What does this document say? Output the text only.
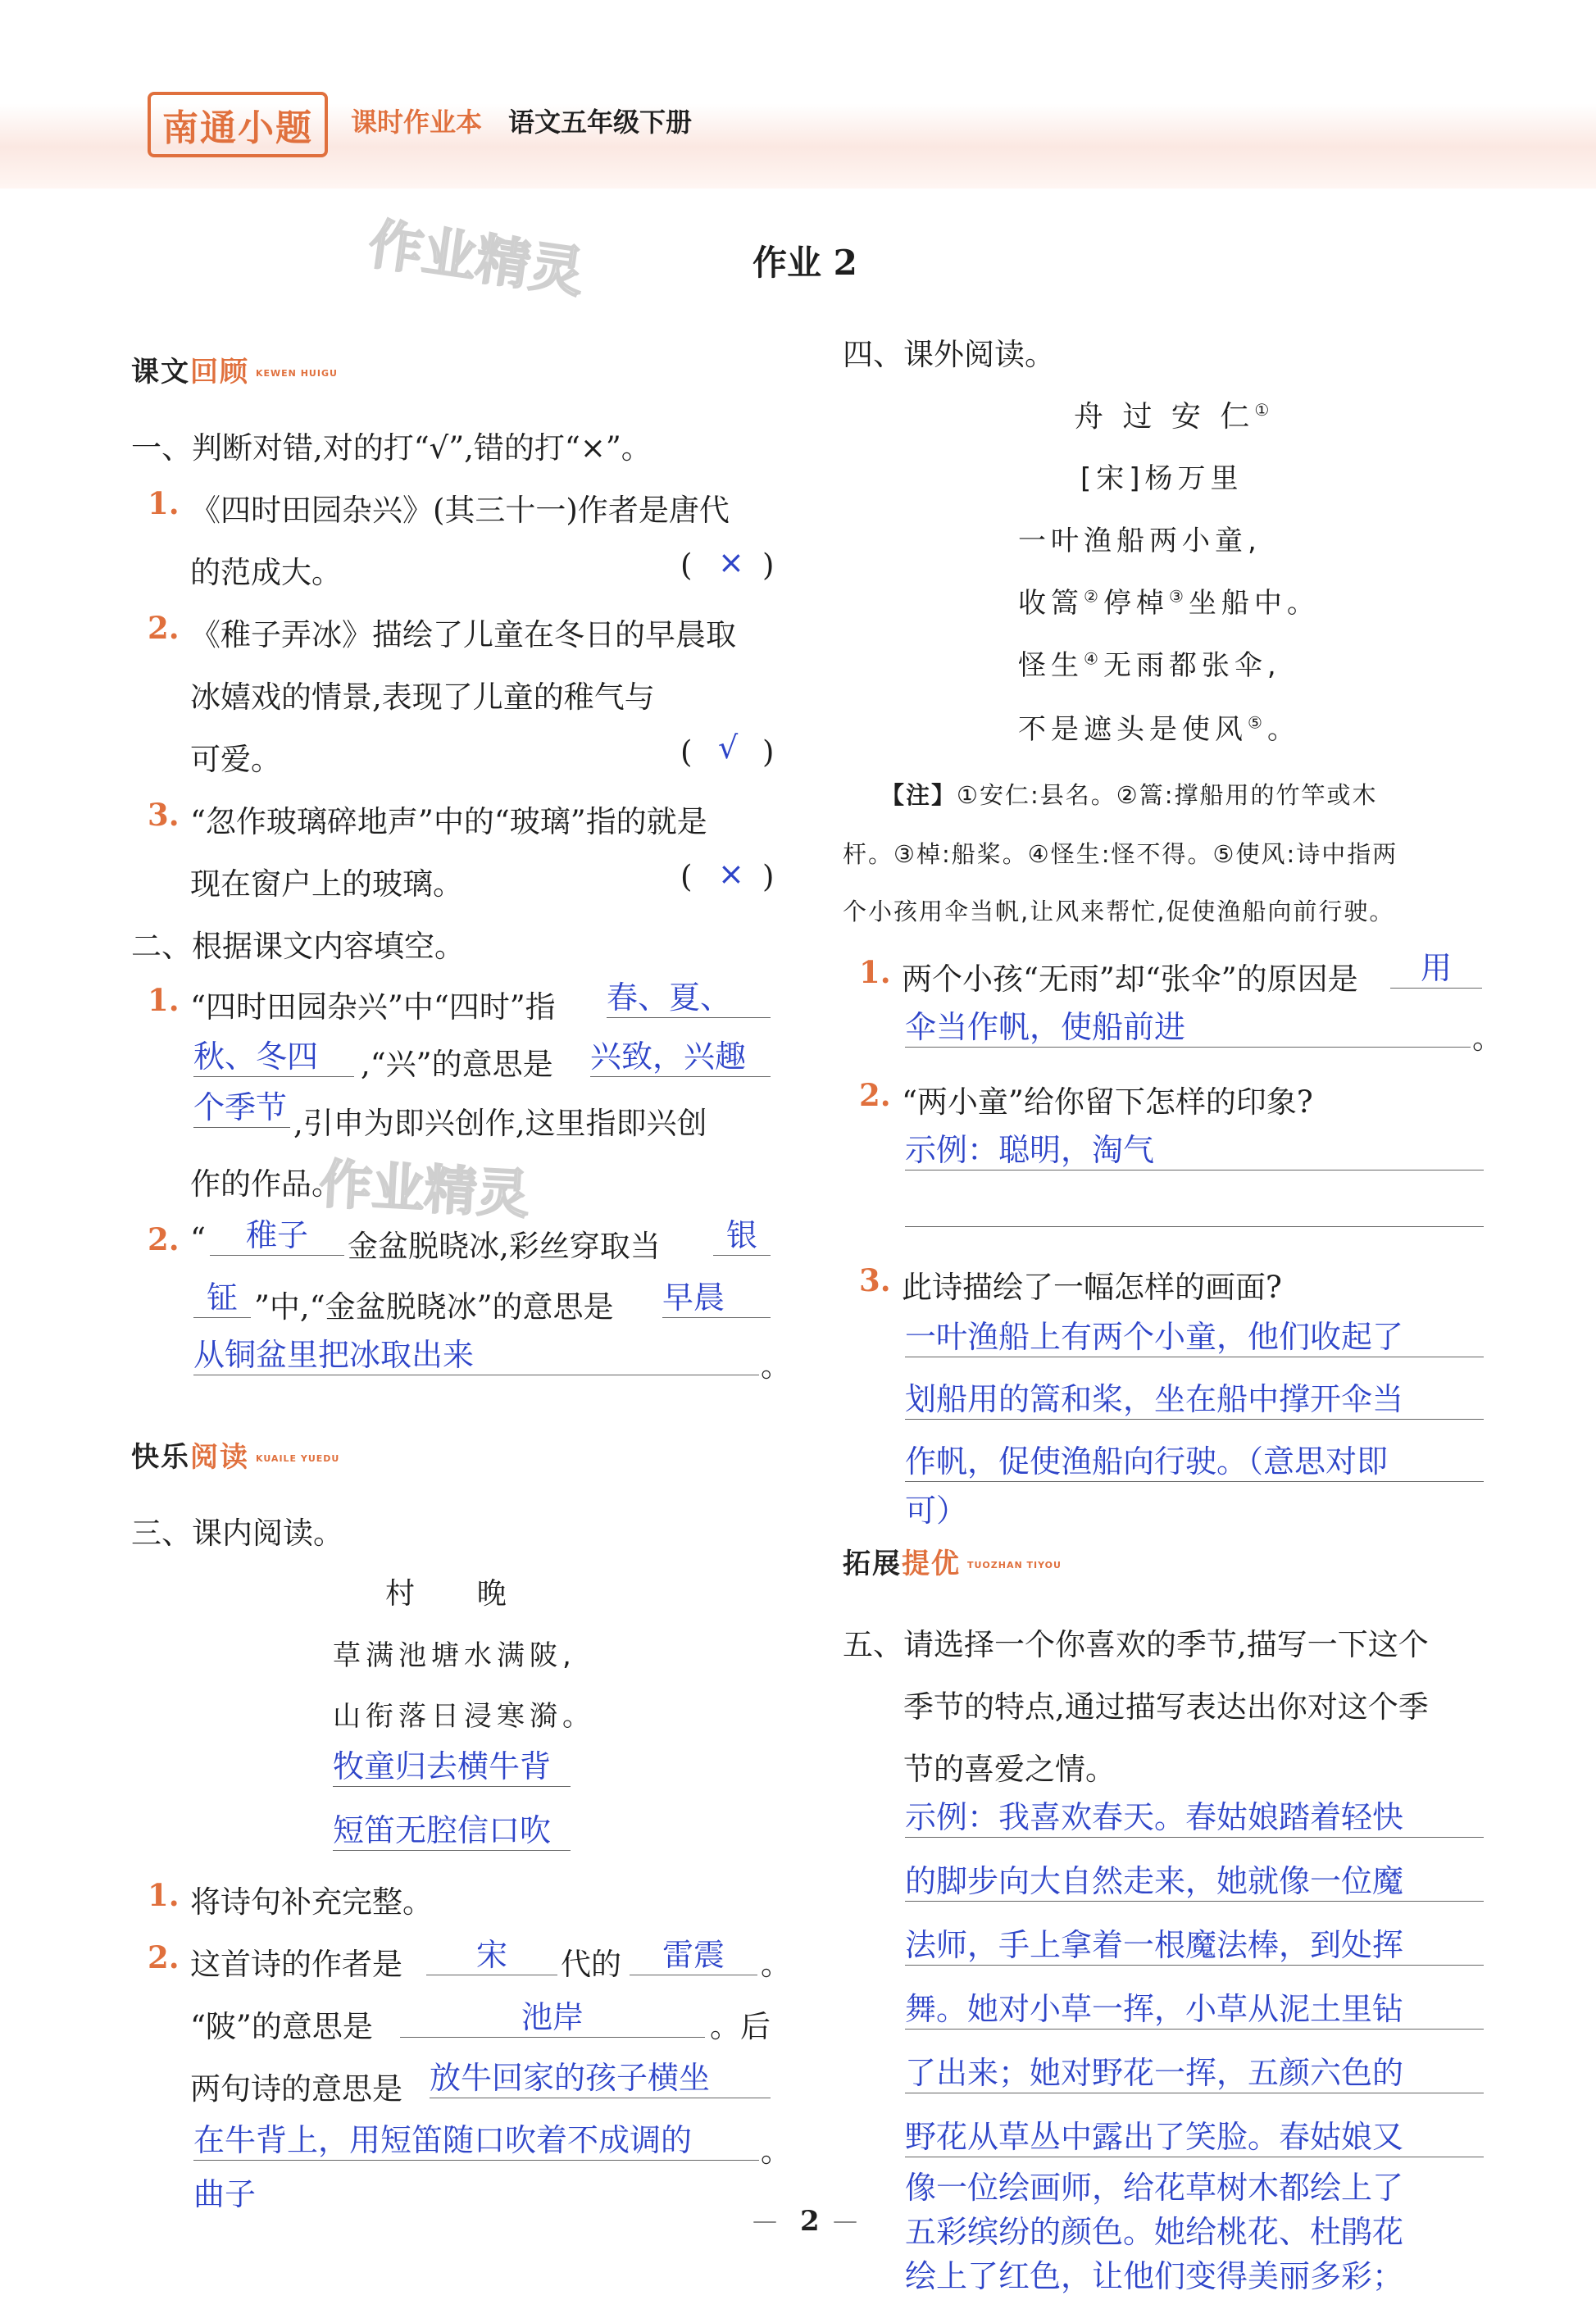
南通小题	课时作业本 语文五年级下册
作业精灵	作业 2
课文回顾 KEWEN HUIGU
一、判断对错,对的打“√”,错的打“×”。
1. 《四时田园杂兴》(其三十一)作者是唐代
的范成大。	( × )
2. 《稚子弄冰》描绘了儿童在冬日的早晨取
冰嬉戏的情景,表现了儿童的稚气与
可爱。	( √ )
3. “忽作玻璃碎地声”中的“玻璃”指的就是
现在窗户上的玻璃。	( × )
二、根据课文内容填空。
1. “四时田园杂兴”中“四时”指 春、夏、
秋、冬四	,“兴”的意思是 兴致，兴趣
个季节 ,引申为即兴创作,这里指即兴创
作的作品。
作业精灵
2. “	稚子	金盆脱晓冰,彩丝穿取当	银
钲 ”中,“金盆脱晓冰”的意思是 早晨
从铜盆里把冰取出来	。
快乐阅读 KUAILE YUEDU
三、课内阅读。
村    晚
草满池塘水满陂,
山衔落日浸寒漪。
牧童归去横牛背
短笛无腔信口吹
1. 将诗句补充完整。
2. 这首诗的作者是	宋	代的	雷震	。
“陂”的意思是	池岸	。后
两句诗的意思是 放牛回家的孩子横坐
在牛背上，用短笛随口吹着不成调的	。
曲子
四、课外阅读。
舟 过 安 仁①
[宋]杨万里
一叶渔船两小童,
收篙②停棹③坐船中。
怪生④无雨都张伞,
不是遮头是使风⑤。
【注】①安仁:县名。②篙:撑船用的竹竿或木
杆。③棹:船桨。④怪生:怪不得。⑤使风:诗中指两
个小孩用伞当帆,让风来帮忙,促使渔船向前行驶。
1. 两个小孩“无雨”却“张伞”的原因是	用
伞当作帆，使船前进	。
2. “两小童”给你留下怎样的印象?
示例：聪明，淘气
3. 此诗描绘了一幅怎样的画面?
一叶渔船上有两个小童，他们收起了
划船用的篙和桨，坐在船中撑开伞当
作帆，促使渔船向行驶。（意思对即
可）
拓展提优 TUOZHAN TIYOU
五、请选择一个你喜欢的季节,描写一下这个
季节的特点,通过描写表达出你对这个季
节的喜爱之情。
示例：我喜欢春天。春姑娘踏着轻快
的脚步向大自然走来，她就像一位魔
法师，手上拿着一根魔法棒，到处挥
舞。她对小草一挥，小草从泥土里钻
了出来；她对野花一挥，五颜六色的
野花从草丛中露出了笑脸。春姑娘又
像一位绘画师，给花草树木都绘上了
五彩缤纷的颜色。她给桃花、杜鹃花
绘上了红色，让他们变得美丽多彩；
— 2 —
